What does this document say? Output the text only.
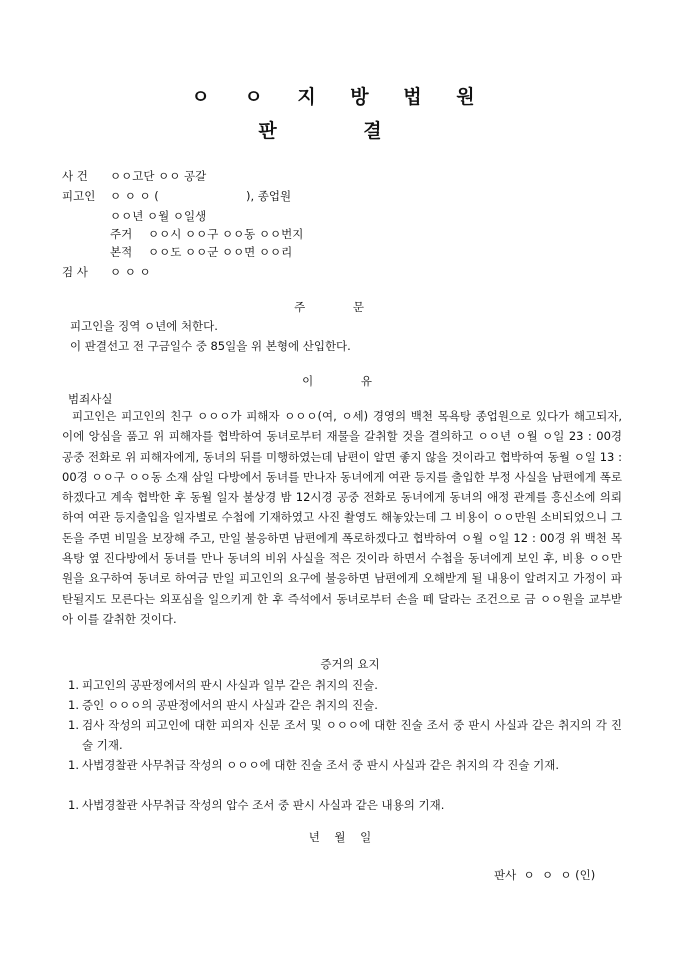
ㅇ ㅇ 지 방 법 원
판 결
사 건 ㅇㅇ고단 ㅇㅇ 공갈
피고인 ㅇ ㅇ ㅇ (	), 종업원
ㅇㅇ년 ㅇ월 ㅇ일생
주거 ㅇㅇ시 ㅇㅇ구 ㅇㅇ동 ㅇㅇ번지
본적 ㅇㅇ도 ㅇㅇ군 ㅇㅇ면 ㅇㅇ리
검 사 ㅇ ㅇ ㅇ
주 문
피고인을 징역 ㅇ년에 처한다.
이 판결선고 전 구금일수 중 85일을 위 본형에 산입한다.
이 유
범죄사실
피고인은 피고인의 친구 ㅇㅇㅇ가 피해자 ㅇㅇㅇ(여, ㅇ세) 경영의 백천 목욕탕 종업원으로 있다가 해고되자, 이에 앙심을 품고 위 피해자를 협박하여 동녀로부터 재물을 갈취할 것을 결의하고 ㅇㅇ년 ㅇ월 ㅇ일 23 : 00경 공중 전화로 위 피해자에게, 동녀의 뒤를 미행하였는데 남편이 알면 좋지 않을 것이라고 협박하여 동월 ㅇ일 13 : 00경 ㅇㅇ구 ㅇㅇ동 소재 삼일 다방에서 동녀를 만나자 동녀에게 여관 등지를 출입한 부정 사실을 남편에게 폭로하겠다고 계속 협박한 후 동월 일자 불상경 밤 12시경 공중 전화로 동녀에게 동녀의 애정 관계를 흥신소에 의뢰하여 여관 등지출입을 일자별로 수첩에 기재하였고 사진 촬영도 해놓았는데 그 비용이 ㅇㅇ만원 소비되었으니 그 돈을 주면 비밀을 보장해 주고, 만일 불응하면 남편에게 폭로하겠다고 협박하여 ㅇ월 ㅇ일 12 : 00경 위 백천 목욕탕 옆 진다방에서 동녀를 만나 동녀의 비위 사실을 적은 것이라 하면서 수첩을 동녀에게 보인 후, 비용 ㅇㅇ만원을 요구하여 동녀로 하여금 만일 피고인의 요구에 불응하면 남편에게 오해받게 될 내용이 알려지고 가정이 파탄될지도 모른다는 외포심을 일으키게 한 후 즉석에서 동녀로부터 손을 떼 달라는 조건으로 금 ㅇㅇ원을 교부받아 이를 갈취한 것이다.
증거의 요지
1. 피고인의 공판정에서의 판시 사실과 일부 같은 취지의 진술.
1. 증인 ㅇㅇㅇ의 공판정에서의 판시 사실과 같은 취지의 진술.
1. 검사 작성의 피고인에 대한 피의자 신문 조서 및 ㅇㅇㅇ에 대한 진술 조서 중 판시 사실과 같은 취지의 각 진술 기재.
1. 사법경찰관 사무취급 작성의 ㅇㅇㅇ에 대한 진술 조서 중 판시 사실과 같은 취지의 각 진술 기재.
1. 사법경찰관 사무취급 작성의 압수 조서 중 판시 사실과 같은 내용의 기재.
년    월    일
판사  ㅇ  ㅇ  ㅇ (인)
